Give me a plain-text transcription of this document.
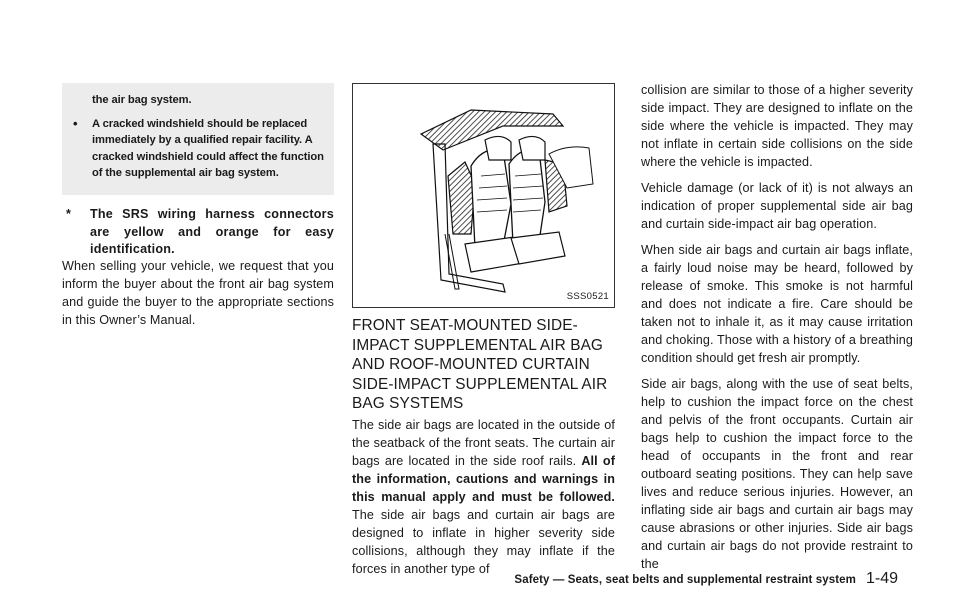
the air bag system.
•	A cracked windshield should be replaced immediately by a qualified repair facility. A cracked windshield could affect the function of the supplemental air bag system.
*	The SRS wiring harness connectors are yellow and orange for easy identification.

When selling your vehicle, we request that you inform the buyer about the front air bag system and guide the buyer to the appropriate sections in this Owner’s Manual.

SSS0521
FRONT SEAT-MOUNTED SIDE-IMPACT SUPPLEMENTAL AIR BAG AND ROOF-MOUNTED CURTAIN SIDE-IMPACT SUPPLEMENTAL AIR BAG SYSTEMS

The side air bags are located in the outside of the seatback of the front seats. The curtain air bags are located in the side roof rails. All of the information, cautions and warnings in this manual apply and must be followed. The side air bags and curtain air bags are designed to inflate in higher severity side collisions, although they may inflate if the forces in another type of

collision are similar to those of a higher severity side impact. They are designed to inflate on the side where the vehicle is impacted. They may not inflate in certain side collisions on the side where the vehicle is impacted.

Vehicle damage (or lack of it) is not always an indication of proper supplemental side air bag and curtain side-impact air bag operation.

When side air bags and curtain air bags inflate, a fairly loud noise may be heard, followed by release of smoke. This smoke is not harmful and does not indicate a fire. Care should be taken not to inhale it, as it may cause irritation and choking. Those with a history of a breathing condition should get fresh air promptly.

Side air bags, along with the use of seat belts, help to cushion the impact force on the chest and pelvis of the front occupants. Curtain air bags help to cushion the impact force to the head of occupants in the front and rear outboard seating positions. They can help save lives and reduce serious injuries. However, an inflating side air bags and curtain air bags may cause abrasions or other injuries. Side air bags and curtain air bags do not provide restraint to the

Safety — Seats, seat belts and supplemental restraint system 1-49
